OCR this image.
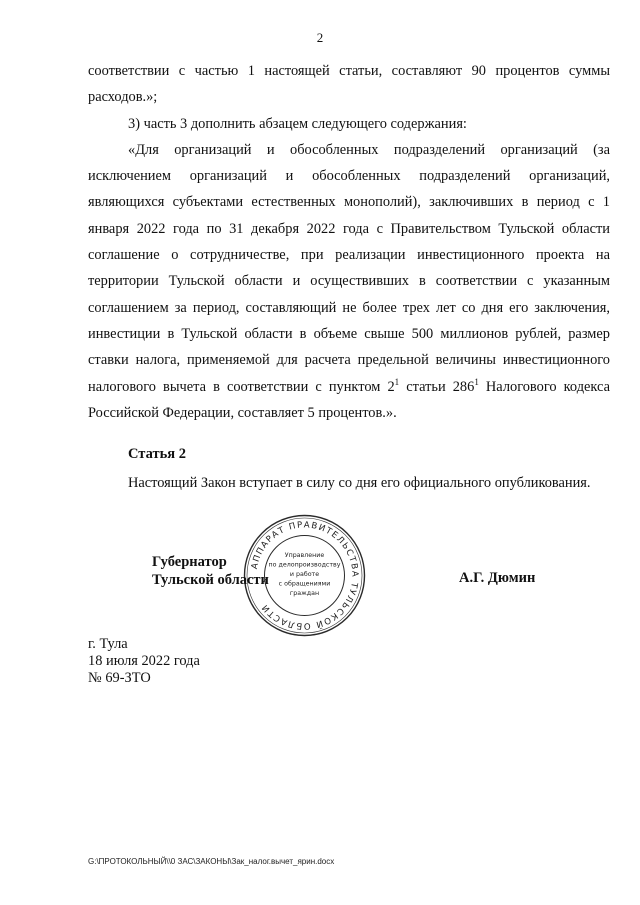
2

соответствии с частью 1 настоящей статьи, составляют 90 процентов суммы расходов.»;

3) часть 3 дополнить абзацем следующего содержания:

«Для организаций и обособленных подразделений организаций (за исключением организаций и обособленных подразделений организаций, являющихся субъектами естественных монополий), заключивших в период с 1 января 2022 года по 31 декабря 2022 года с Правительством Тульской области соглашение о сотрудничестве, при реализации инвестиционного проекта на территории Тульской области и осуществивших в соответствии с указанным соглашением за период, составляющий не более трех лет со дня его заключения, инвестиции в Тульской области в объеме свыше 500 миллионов рублей, размер ставки налога, применяемой для расчета предельной величины инвестиционного налогового вычета в соответствии с пунктом $2^1$ статьи $286^1$ Налогового кодекса Российской Федерации, составляет 5 процентов.».

Статья 2

Настоящий Закон вступает в силу со дня его официального опубликования.

АППАРАТ ПРАВИТЕЛЬСТВА ТУЛЬСКОЙ ОБЛАСТИ
Управление
по делопроизводству
и работе
с обращениями
граждан
Губернатор
Тульской области	А.Г. Дюмин
г. Тула
18 июля 2022 года
№ 69-ЗТО
G:\ПРОТОКОЛЬНЫЙ\\0 ЗАС\ЗАКОНЫ\Зак_налог.вычет_ярин.docx
